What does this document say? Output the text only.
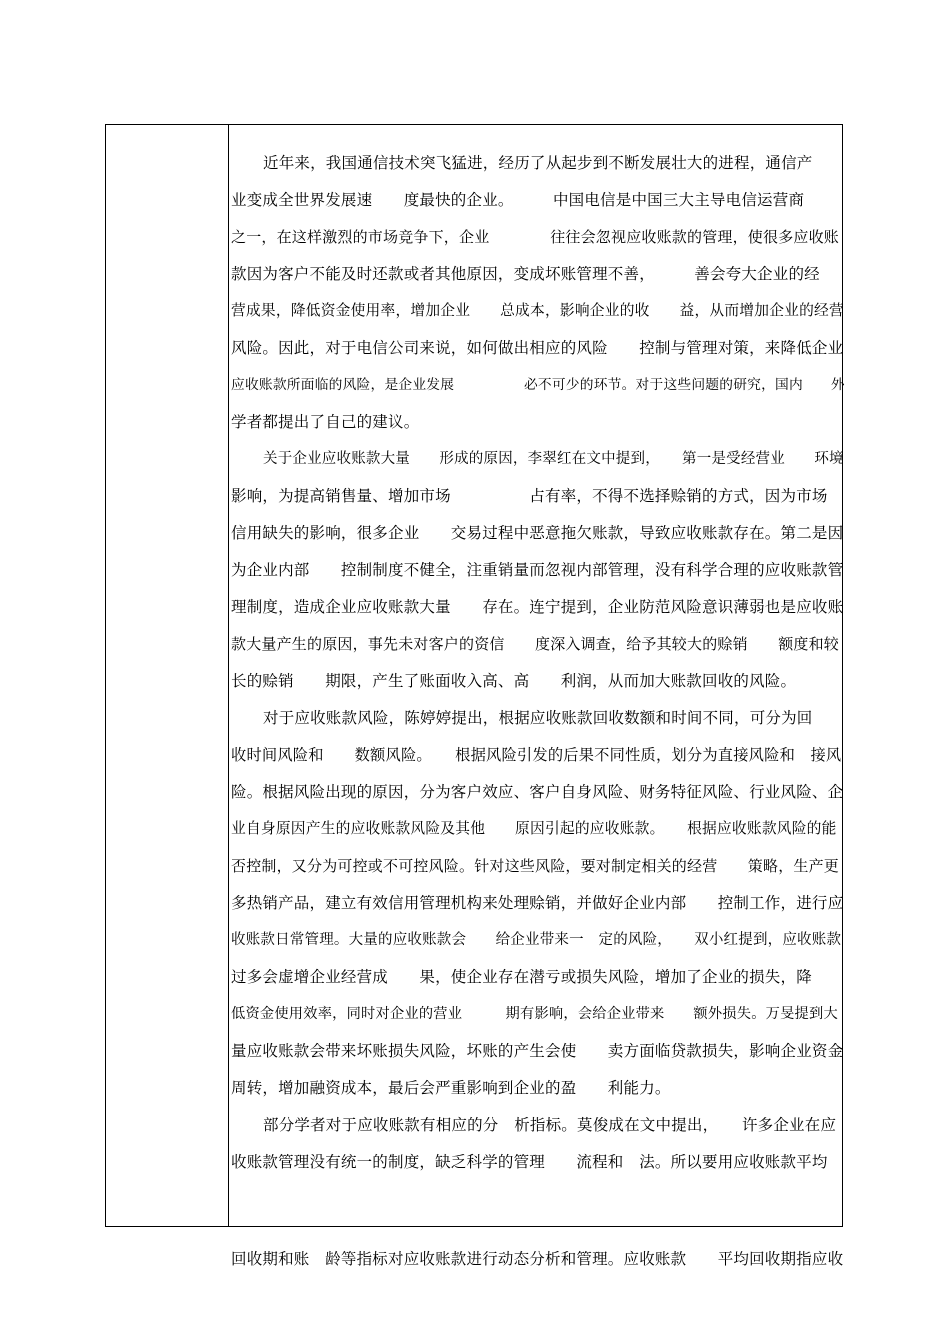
近年来，我国通信技术突飞猛进，经历了从起步到不断发展壮大的进程，通信产
业变成全世界发展速　　度最快的企业。　　　中国电信是中国三大主导电信运营商
之一，在这样激烈的市场竞争下，企业　　　　往往会忽视应收账款的管理，使很多应收账
款因为客户不能及时还款或者其他原因，变成坏账管理不善，　　　善会夸大企业的经
营成果，降低资金使用率，增加企业　　总成本，影响企业的收　　益，从而增加企业的经营
风险。因此，对于电信公司来说，如何做出相应的风险　　控制与管理对策，来降低企业
应收账款所面临的风险，是企业发展　　　　　必不可少的环节。对于这些问题的研究，国内　　外
学者都提出了自己的建议。
关于企业应收账款大量　　形成的原因，李翠红在文中提到，　　第一是受经营业　　环境
影响，为提高销售量、增加市场　　　　　占有率，不得不选择赊销的方式，因为市场
信用缺失的影响，很多企业　　交易过程中恶意拖欠账款，导致应收账款存在。第二是因
为企业内部　　控制制度不健全，注重销量而忽视内部管理，没有科学合理的应收账款管
理制度，造成企业应收账款大量　　存在。连宁提到，企业防范风险意识薄弱也是应收账
款大量产生的原因，事先未对客户的资信　　度深入调查，给予其较大的赊销　　额度和较
长的赊销　　期限，产生了账面收入高、高　　利润，从而加大账款回收的风险。
对于应收账款风险，陈婷婷提出，根据应收账款回收数额和时间不同，可分为回
收时间风险和　　数额风险。　　根据风险引发的后果不同性质，划分为直接风险和　接风
险。根据风险出现的原因，分为客户效应、客户自身风险、财务特征风险、行业风险、企
业自身原因产生的应收账款风险及其他　　原因引起的应收账款。　　根据应收账款风险的能
否控制，又分为可控或不可控风险。针对这些风险，要对制定相关的经营　　策略，生产更
多热销产品，建立有效信用管理机构来处理赊销，并做好企业内部　　控制工作，进行应
收账款日常管理。大量的应收账款会　　给企业带来一　定的风险，　　双小红提到，应收账款
过多会虚增企业经营成　　果，使企业存在潜亏或损失风险，增加了企业的损失，降
低资金使用效率，同时对企业的营业　　　期有影响，会给企业带来　　额外损失。万旻提到大
量应收账款会带来坏账损失风险，坏账的产生会使　　卖方面临贷款损失，影响企业资金
周转，增加融资成本，最后会严重影响到企业的盈　　利能力。
部分学者对于应收账款有相应的分　析指标。莫俊成在文中提出，　　许多企业在应
收账款管理没有统一的制度，缺乏科学的管理　　流程和　法。所以要用应收账款平均
回收期和账　龄等指标对应收账款进行动态分析和管理。应收账款　　平均回收期指应收
